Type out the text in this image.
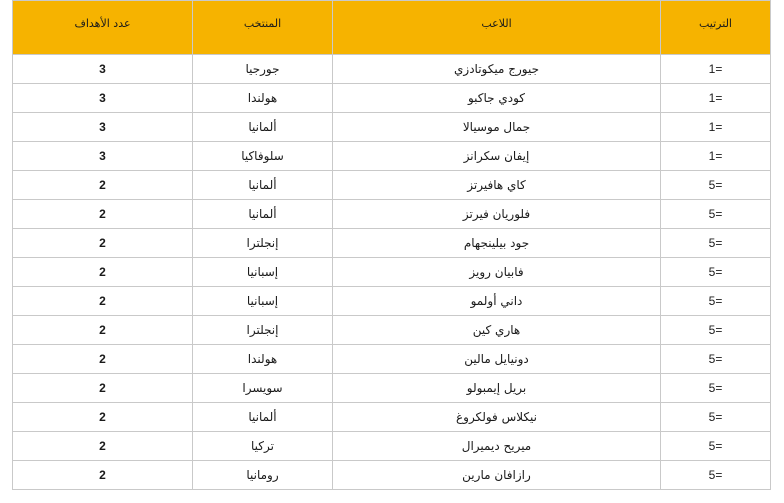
الترتيب	اللاعب	المنتخب	عدد الأهداف
=1	جيورج ميكوتادزي	جورجيا	3
=1	كودي جاكبو	هولندا	3
=1	جمال موسيالا	ألمانيا	3
=1	إيفان سكرانز	سلوفاكيا	3
=5	كاي هافيرتز	ألمانيا	2
=5	فلوريان فيرتز	ألمانيا	2
=5	جود بيلينجهام	إنجلترا	2
=5	فابيان رويز	إسبانيا	2
=5	داني أولمو	إسبانيا	2
=5	هاري كين	إنجلترا	2
=5	دونيايل مالين	هولندا	2
=5	بريل إيمبولو	سويسرا	2
=5	نيكلاس فولكروغ	ألمانيا	2
=5	ميريح ديميرال	تركيا	2
=5	رازافان مارين	رومانيا	2
